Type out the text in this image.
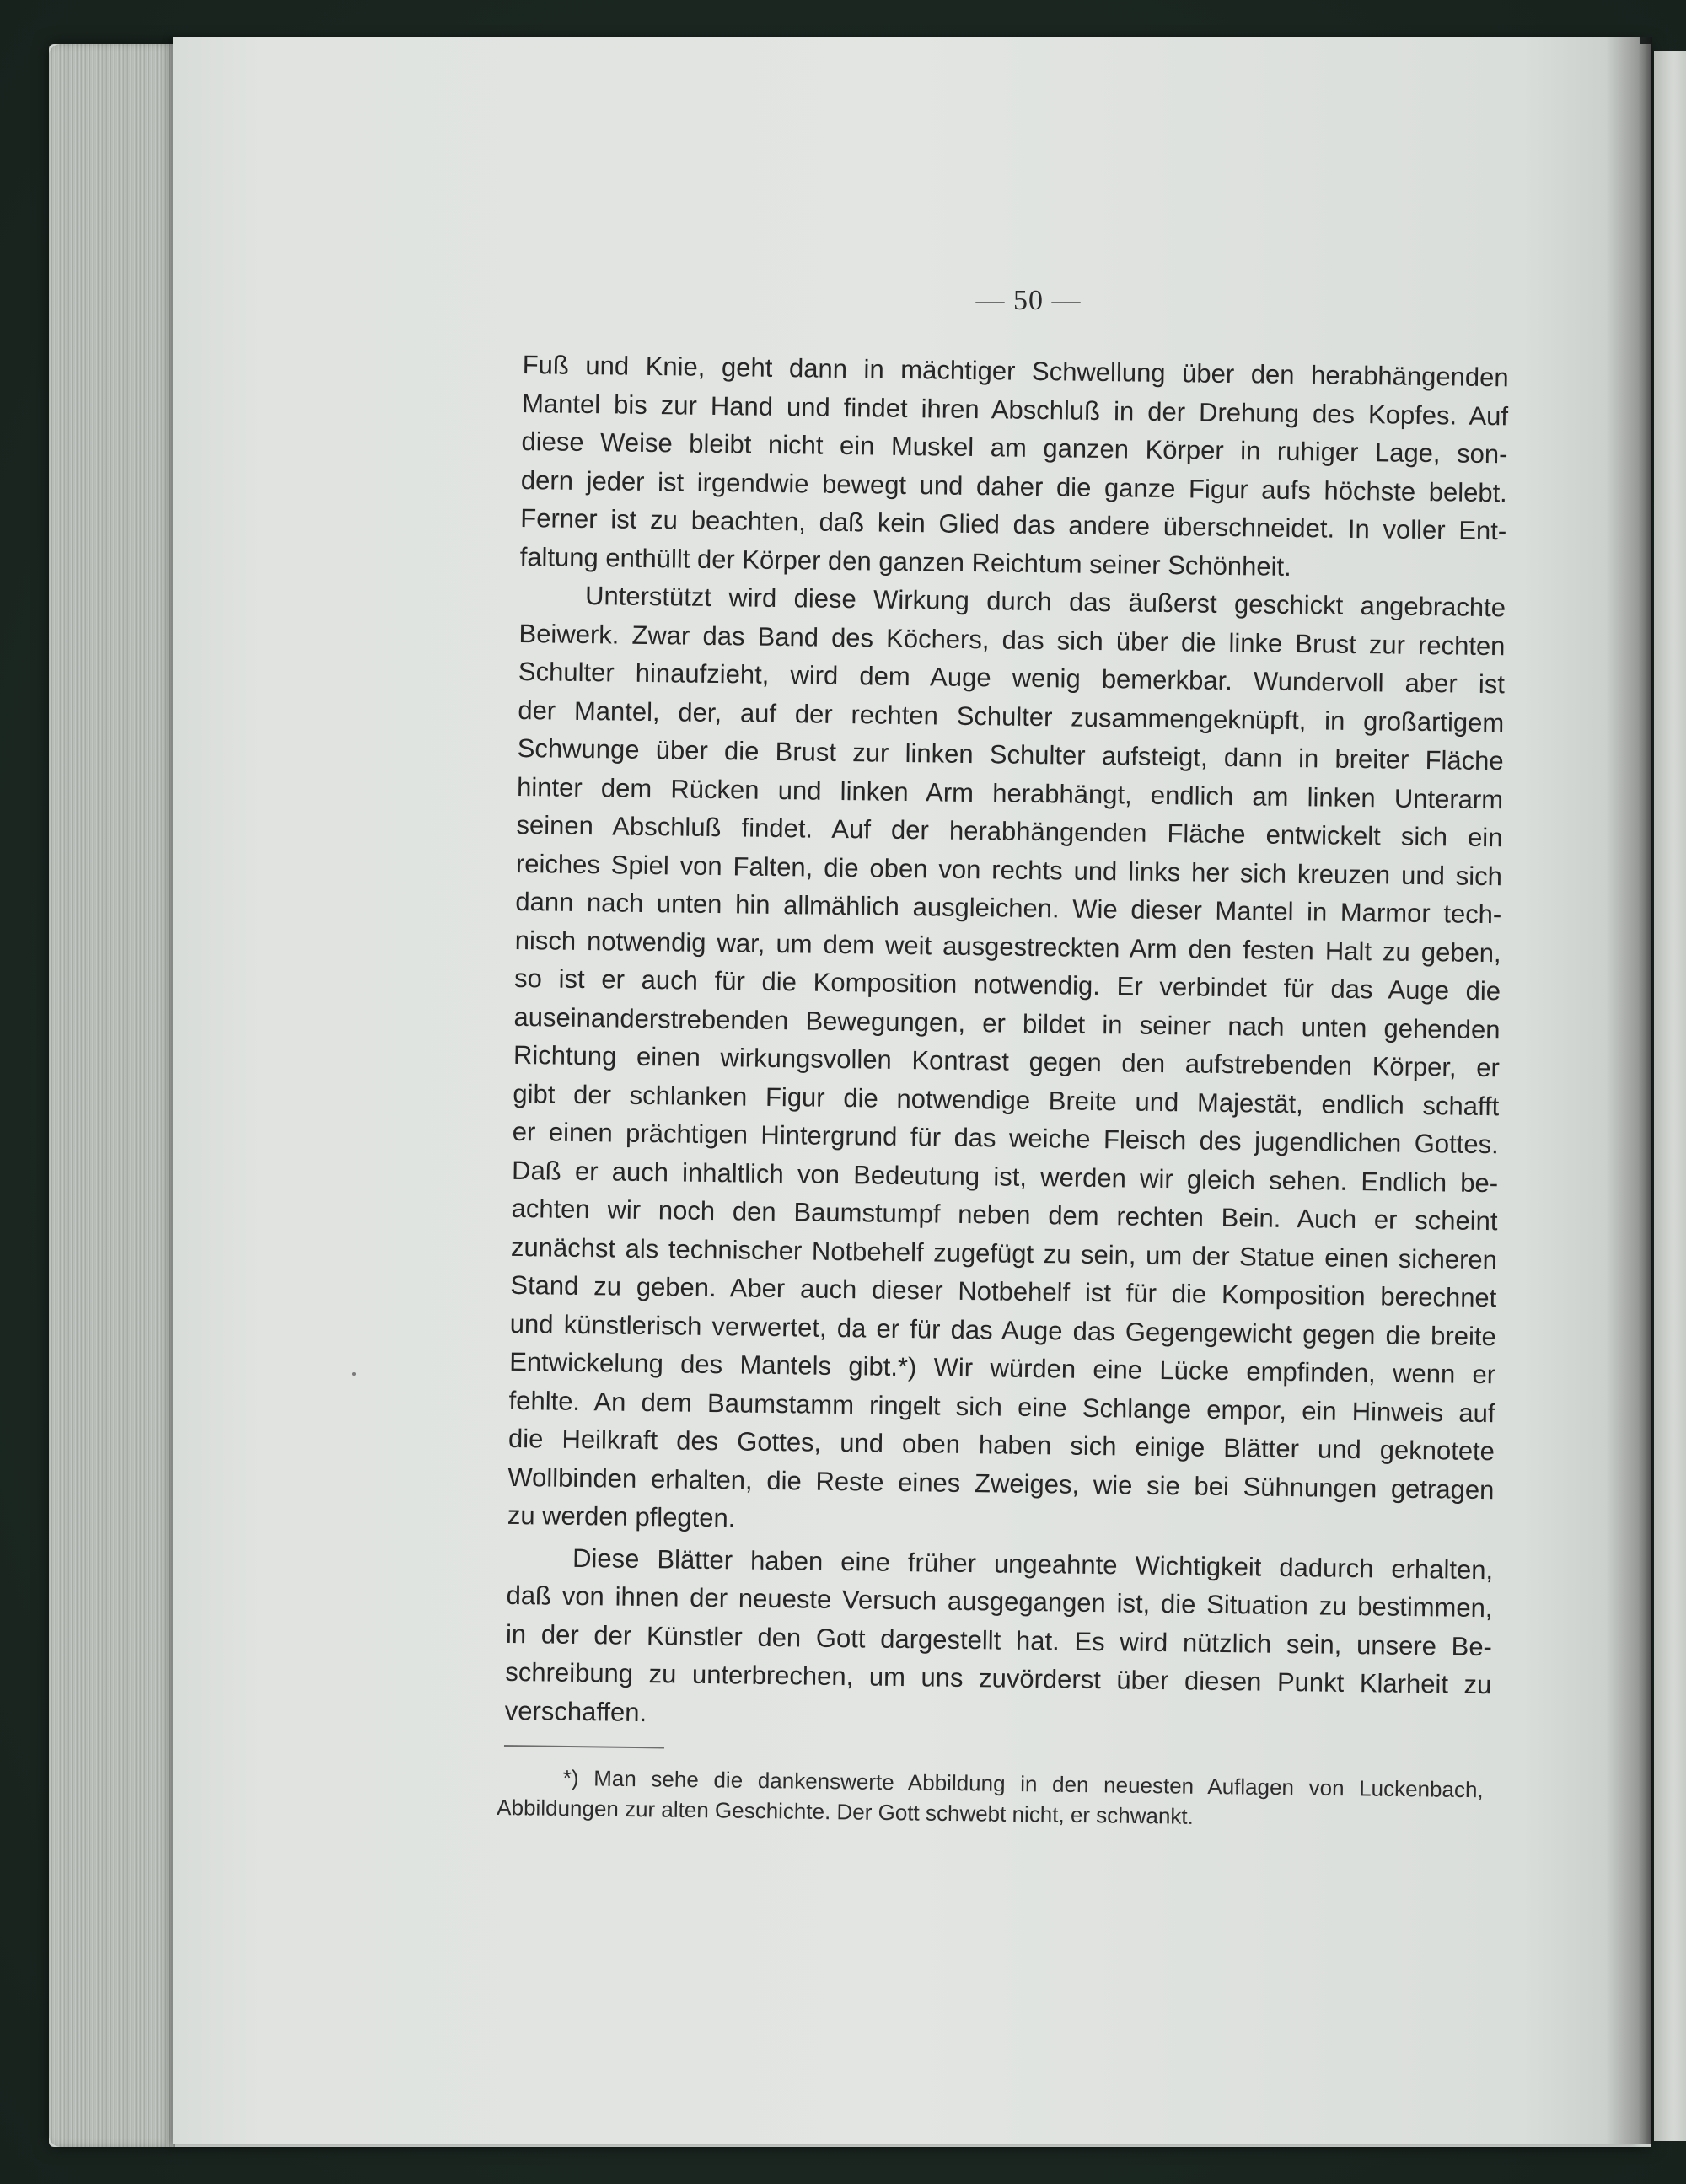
— 50 —
Fuß und Knie, geht dann in mächtiger Schwellung über den herabhängenden
Mantel bis zur Hand und findet ihren Abschluß in der Drehung des Kopfes. Auf
diese Weise bleibt nicht ein Muskel am ganzen Körper in ruhiger Lage, son-
dern jeder ist irgendwie bewegt und daher die ganze Figur aufs höchste belebt.
Ferner ist zu beachten, daß kein Glied das andere überschneidet. In voller Ent-
faltung enthüllt der Körper den ganzen Reichtum seiner Schönheit.
Unterstützt wird diese Wirkung durch das äußerst geschickt angebrachte
Beiwerk. Zwar das Band des Köchers, das sich über die linke Brust zur rechten
Schulter hinaufzieht, wird dem Auge wenig bemerkbar. Wundervoll aber ist
der Mantel, der, auf der rechten Schulter zusammengeknüpft, in großartigem
Schwunge über die Brust zur linken Schulter aufsteigt, dann in breiter Fläche
hinter dem Rücken und linken Arm herabhängt, endlich am linken Unterarm
seinen Abschluß findet. Auf der herabhängenden Fläche entwickelt sich ein
reiches Spiel von Falten, die oben von rechts und links her sich kreuzen und sich
dann nach unten hin allmählich ausgleichen. Wie dieser Mantel in Marmor tech-
nisch notwendig war, um dem weit ausgestreckten Arm den festen Halt zu geben,
so ist er auch für die Komposition notwendig. Er verbindet für das Auge die
auseinanderstrebenden Bewegungen, er bildet in seiner nach unten gehenden
Richtung einen wirkungsvollen Kontrast gegen den aufstrebenden Körper, er
gibt der schlanken Figur die notwendige Breite und Majestät, endlich schafft
er einen prächtigen Hintergrund für das weiche Fleisch des jugendlichen Gottes.
Daß er auch inhaltlich von Bedeutung ist, werden wir gleich sehen. Endlich be-
achten wir noch den Baumstumpf neben dem rechten Bein. Auch er scheint
zunächst als technischer Notbehelf zugefügt zu sein, um der Statue einen sicheren
Stand zu geben. Aber auch dieser Notbehelf ist für die Komposition berechnet
und künstlerisch verwertet, da er für das Auge das Gegengewicht gegen die breite
Entwickelung des Mantels gibt.*) Wir würden eine Lücke empfinden, wenn er
fehlte. An dem Baumstamm ringelt sich eine Schlange empor, ein Hinweis auf
die Heilkraft des Gottes, und oben haben sich einige Blätter und geknotete
Wollbinden erhalten, die Reste eines Zweiges, wie sie bei Sühnungen getragen
zu werden pflegten.
Diese Blätter haben eine früher ungeahnte Wichtigkeit dadurch erhalten,
daß von ihnen der neueste Versuch ausgegangen ist, die Situation zu bestimmen,
in der der Künstler den Gott dargestellt hat. Es wird nützlich sein, unsere Be-
schreibung zu unterbrechen, um uns zuvörderst über diesen Punkt Klarheit zu
verschaffen.
*) Man sehe die dankenswerte Abbildung in den neuesten Auflagen von Luckenbach,
Abbildungen zur alten Geschichte. Der Gott schwebt nicht, er schwankt.
